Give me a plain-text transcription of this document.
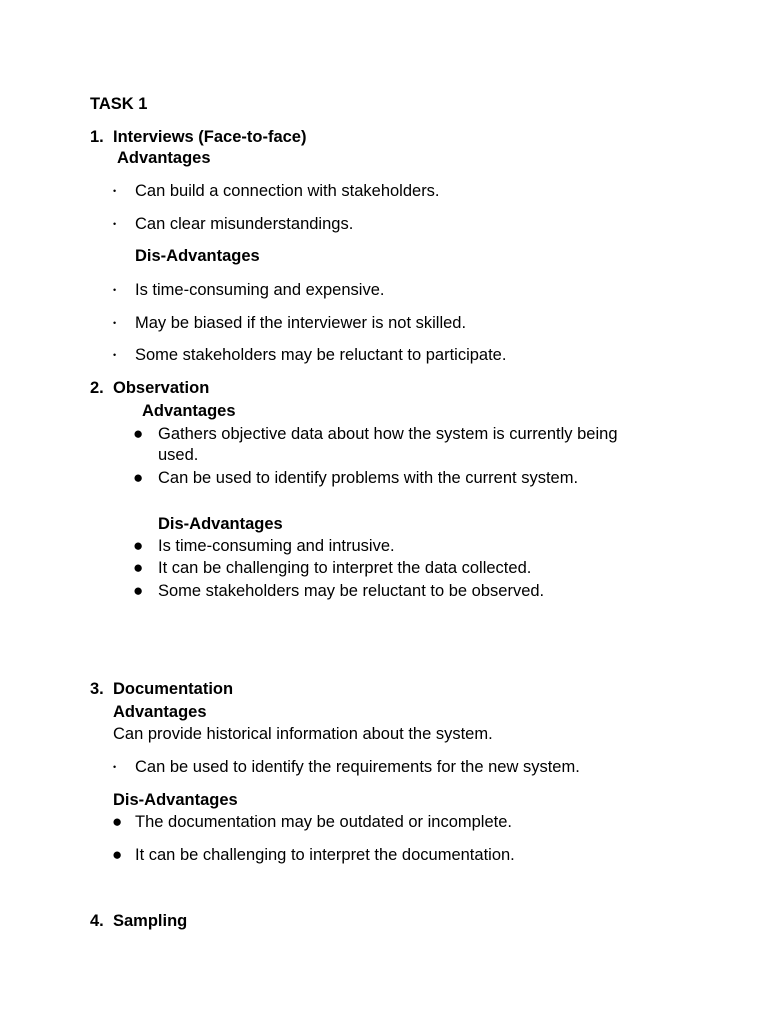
TASK 1
1. Interviews (Face-to-face)
Advantages
• Can build a connection with stakeholders.
• Can clear misunderstandings.
Dis-Advantages
• Is time-consuming and expensive.
• May be biased if the interviewer is not skilled.
• Some stakeholders may be reluctant to participate.
2. Observation
Advantages
● Gathers objective data about how the system is currently being
used.
● Can be used to identify problems with the current system.
Dis-Advantages
● Is time-consuming and intrusive.
● It can be challenging to interpret the data collected.
● Some stakeholders may be reluctant to be observed.
3. Documentation
Advantages
Can provide historical information about the system.
• Can be used to identify the requirements for the new system.
Dis-Advantages
● The documentation may be outdated or incomplete.
● It can be challenging to interpret the documentation.
4. Sampling
